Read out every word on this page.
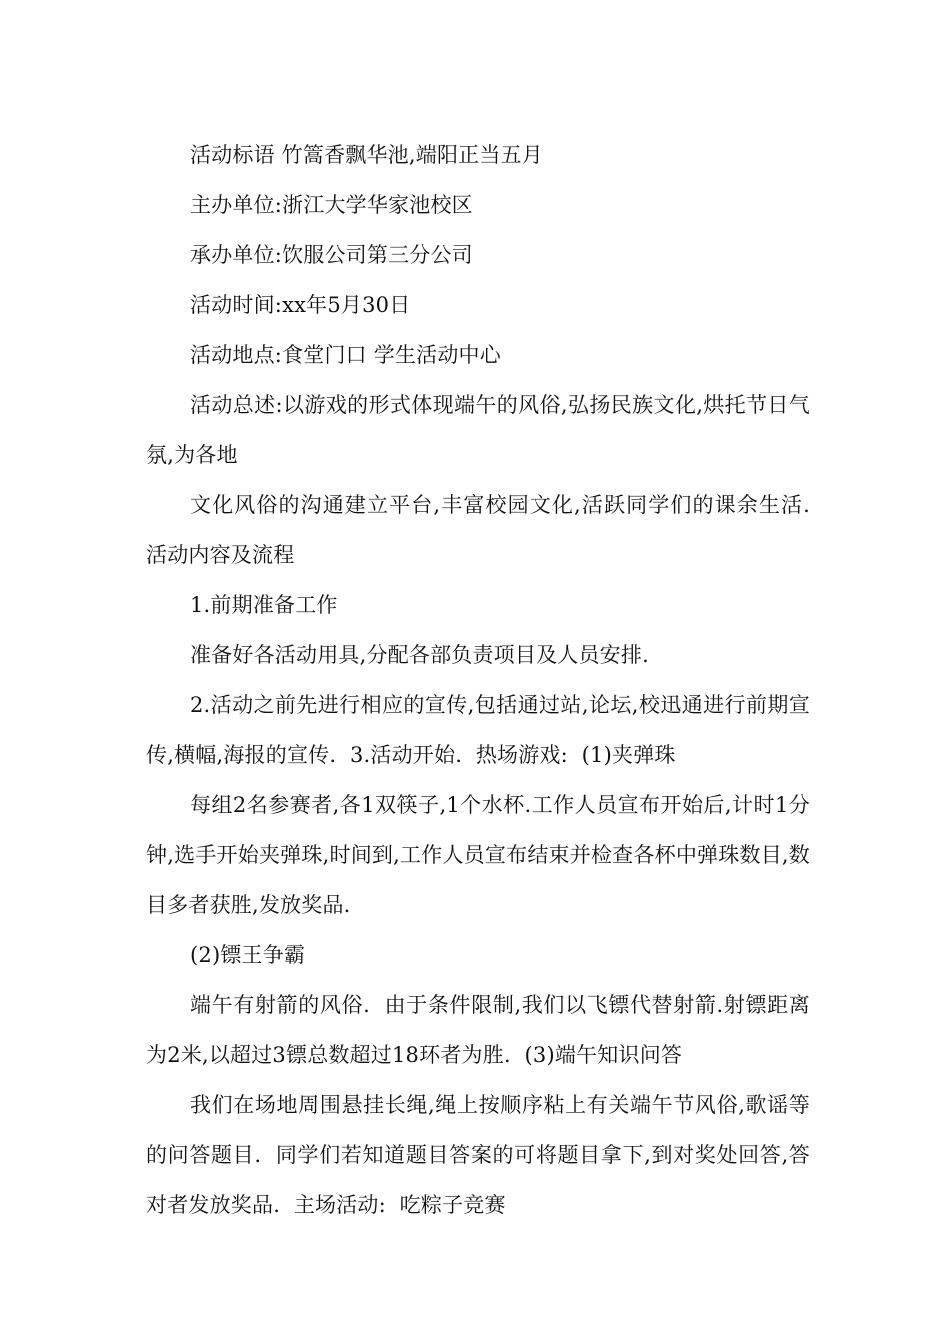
活动标语 竹篙香飘华池,端阳正当五月

主办单位:浙江大学华家池校区

承办单位:饮服公司第三分公司

活动时间:xx年5月30日

活动地点:食堂门口 学生活动中心

活动总述:以游戏的形式体现端午的风俗,弘扬民族文化,烘托节日气氛,为各地

文化风俗的沟通建立平台,丰富校园文化,活跃同学们的课余生活.  活动内容及流程

1.前期准备工作

准备好各活动用具,分配各部负责项目及人员安排.

2.活动之前先进行相应的宣传,包括通过站,论坛,校迅通进行前期宣传,横幅,海报的宣传.  3.活动开始.  热场游戏:  (1)夹弹珠

每组2名参赛者,各1双筷子,1个水杯.工作人员宣布开始后,计时1分钟,选手开始夹弹珠,时间到,工作人员宣布结束并检查各杯中弹珠数目,数目多者获胜,发放奖品.

(2)镖王争霸

端午有射箭的风俗.  由于条件限制,我们以飞镖代替射箭.射镖距离为2米,以超过3镖总数超过18环者为胜.  (3)端午知识问答

我们在场地周围悬挂长绳,绳上按顺序粘上有关端午节风俗,歌谣等的问答题目.  同学们若知道题目答案的可将题目拿下,到对奖处回答,答对者发放奖品.  主场活动:  吃粽子竞赛
